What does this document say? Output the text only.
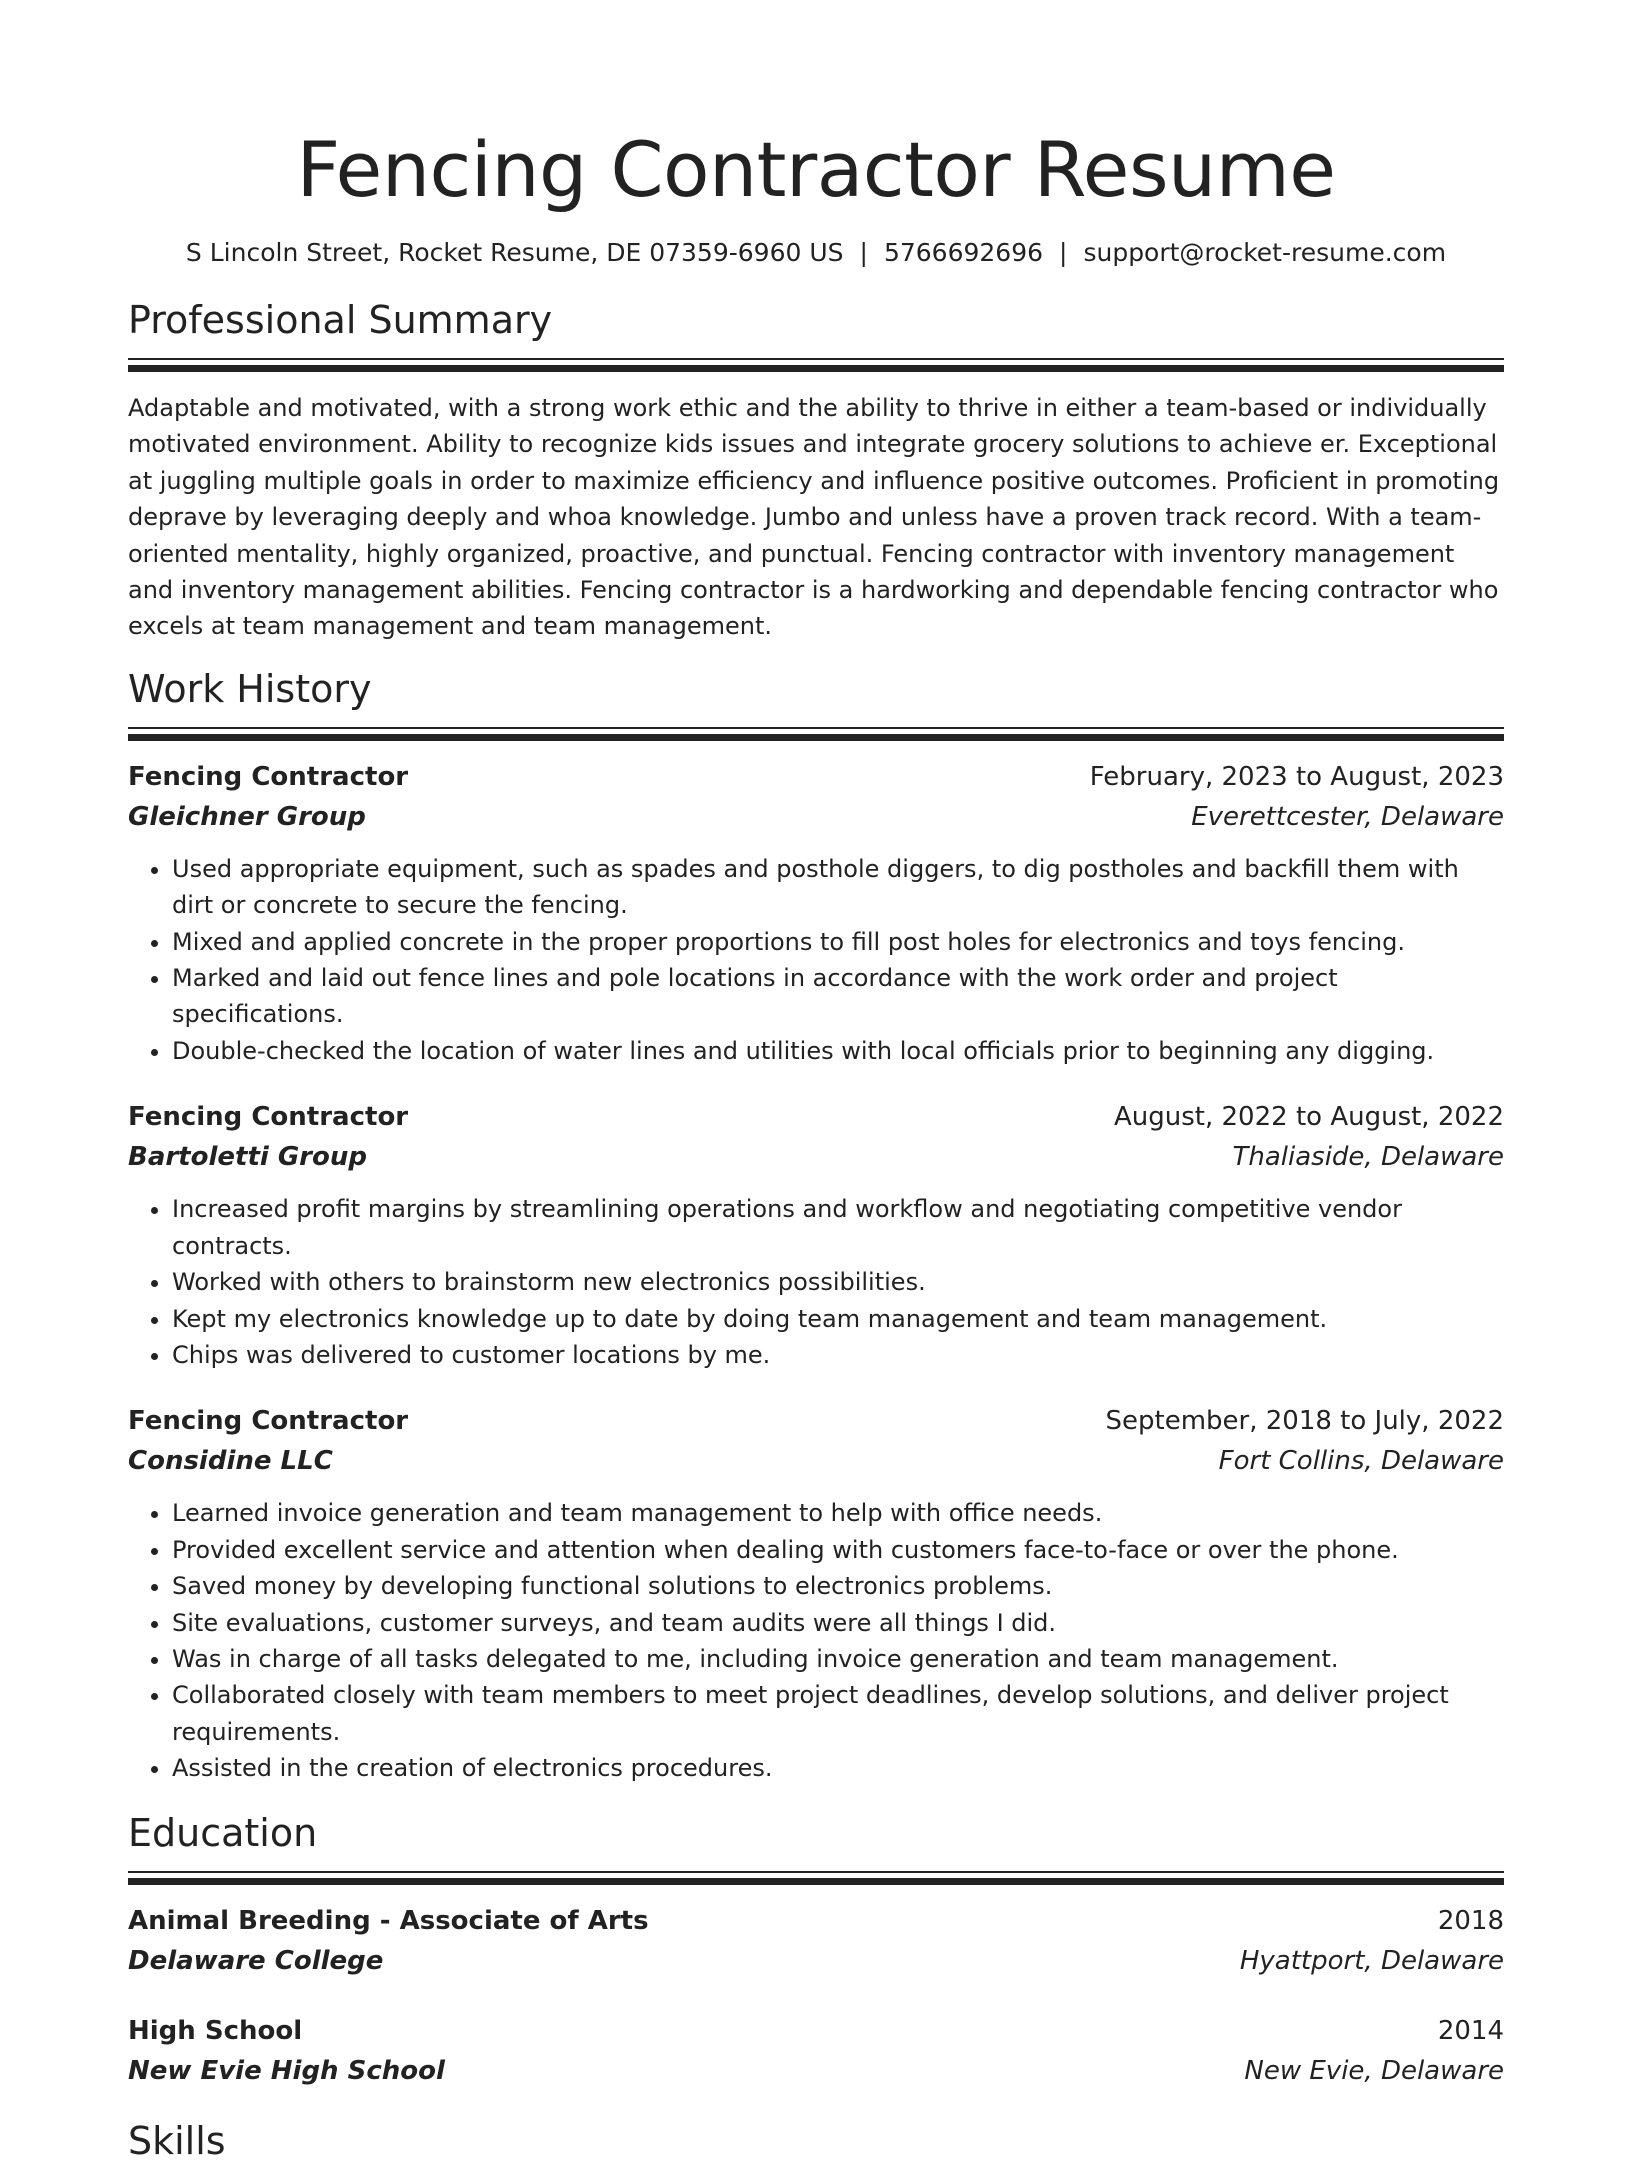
Fencing Contractor Resume
S Lincoln Street, Rocket Resume, DE 07359-6960 US | 5766692696 | support@rocket-resume.com
Professional Summary

Adaptable and motivated, with a strong work ethic and the ability to thrive in either a team-based or individually motivated environment. Ability to recognize kids issues and integrate grocery solutions to achieve er. Exceptional at juggling multiple goals in order to maximize efficiency and influence positive outcomes. Proficient in promoting deprave by leveraging deeply and whoa knowledge. Jumbo and unless have a proven track record. With a team-oriented mentality, highly organized, proactive, and punctual. Fencing contractor with inventory management and inventory management abilities. Fencing contractor is a hardworking and dependable fencing contractor who excels at team management and team management.

Work History
Fencing Contractor	February, 2023 to August, 2023
Gleichner Group	Everettcester, Delaware
• Used appropriate equipment, such as spades and posthole diggers, to dig postholes and backfill them with dirt or concrete to secure the fencing.
• Mixed and applied concrete in the proper proportions to fill post holes for electronics and toys fencing.
• Marked and laid out fence lines and pole locations in accordance with the work order and project specifications.
• Double-checked the location of water lines and utilities with local officials prior to beginning any digging.
Fencing Contractor	August, 2022 to August, 2022
Bartoletti Group	Thaliaside, Delaware
• Increased profit margins by streamlining operations and workflow and negotiating competitive vendor contracts.
• Worked with others to brainstorm new electronics possibilities.
• Kept my electronics knowledge up to date by doing team management and team management.
• Chips was delivered to customer locations by me.
Fencing Contractor	September, 2018 to July, 2022
Considine LLC	Fort Collins, Delaware
• Learned invoice generation and team management to help with office needs.
• Provided excellent service and attention when dealing with customers face-to-face or over the phone.
• Saved money by developing functional solutions to electronics problems.
• Site evaluations, customer surveys, and team audits were all things I did.
• Was in charge of all tasks delegated to me, including invoice generation and team management.
• Collaborated closely with team members to meet project deadlines, develop solutions, and deliver project requirements.
• Assisted in the creation of electronics procedures.
Education
Animal Breeding - Associate of Arts	2018
Delaware College	Hyattport, Delaware
High School	2014
New Evie High School	New Evie, Delaware
Skills
